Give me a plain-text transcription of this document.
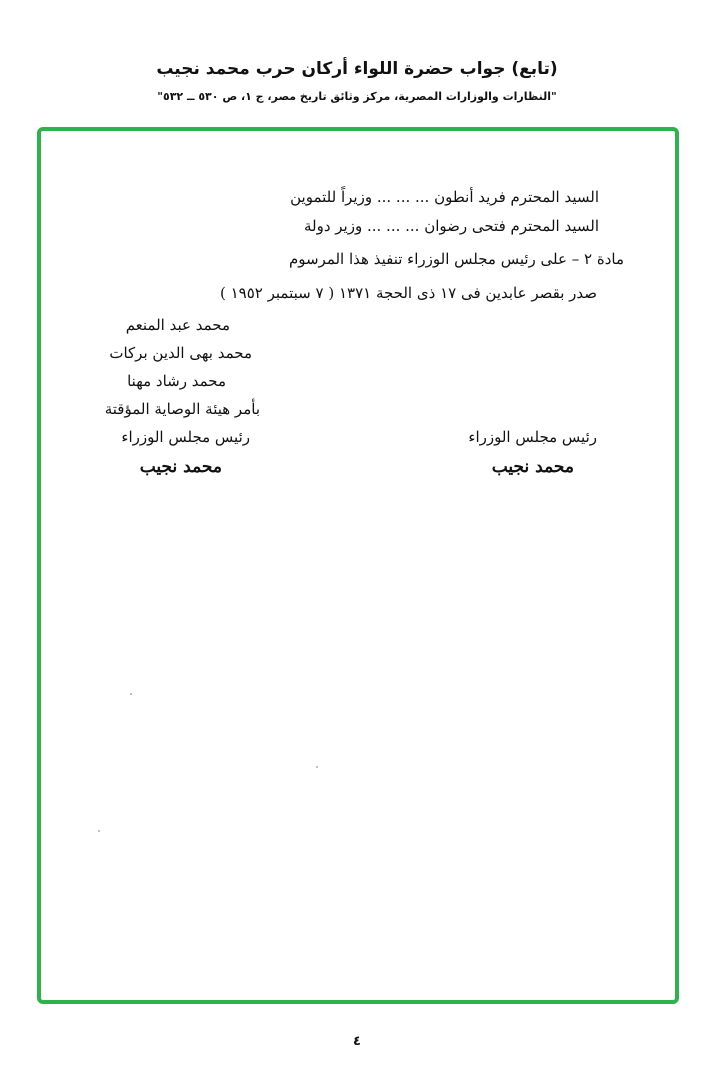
(تابع) جواب حضرة اللواء أركان حرب محمد نجيب

"النظارات والوزارات المصرية، مركز وثائق تاريخ مصر، ج ١، ص ٥٣٠ ــ ٥٣٢"

السيد المحترم فريد أنطون ... ... ... وزيراً للتموين
السيد المحترم فتحى رضوان ... ... ... وزير دولة
مادة ٢ – على رئيس مجلس الوزراء تنفيذ هذا المرسوم
صدر بقصر عابدين فى ١٧ ذى الحجة ١٣٧١ ( ٧ سبتمبر ١٩٥٢ )
محمد عبد المنعم
محمد بهى الدين بركات
محمد رشاد مهنا
بأمر هيئة الوصاية المؤقتة
رئيس مجلس الوزراء
محمد نجيب
رئيس مجلس الوزراء
محمد نجيب
٤
